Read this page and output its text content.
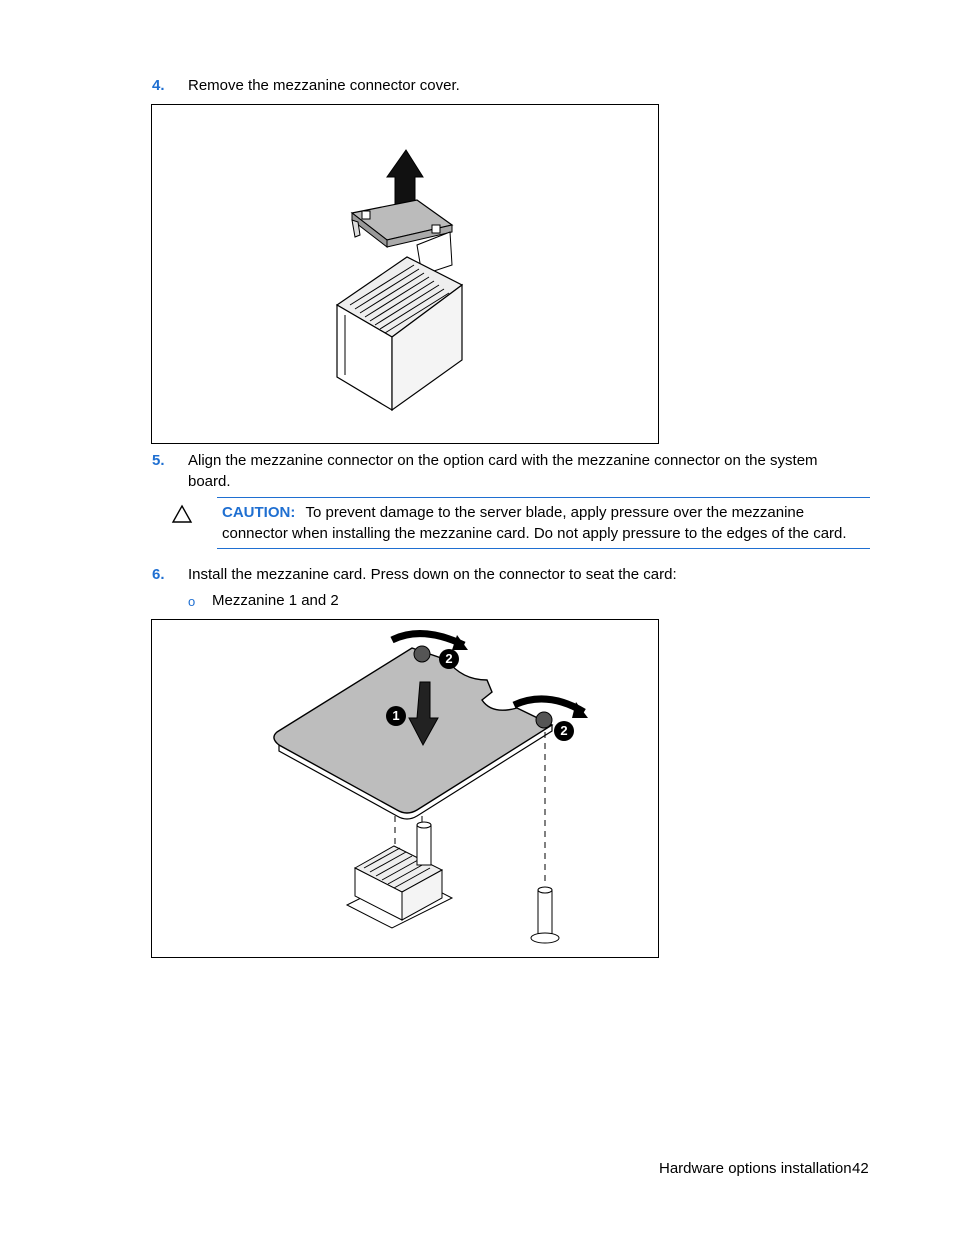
4. Remove the mezzanine connector cover.
5. Align the mezzanine connector on the option card with the mezzanine connector on the system
board.
CAUTION: To prevent damage to the server blade, apply pressure over the mezzanine
connector when installing the mezzanine card. Do not apply pressure to the edges of the card.
6. Install the mezzanine card. Press down on the connector to seat the card:
o Mezzanine 1 and 2
1
2
2
Hardware options installation 42
